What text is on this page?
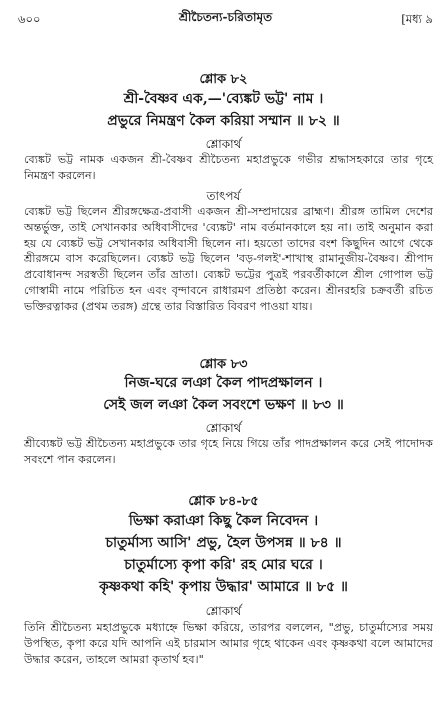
৬০০	শ্রীচৈতন্য-চরিতামৃত	[মধ্য ৯
শ্লোক ৮২
শ্রী-বৈষ্ণব এক,—'ব্যেঙ্কট ভট্ট' নাম ।
প্রভুরে নিমন্ত্রণ কৈল করিয়া সম্মান ॥ ৮২ ॥
শ্লোকার্থ

ব্যেঙ্কট ভট্ট নামক একজন শ্রী-বৈষ্ণব শ্রীচৈতন্য মহাপ্রভুকে গভীর শ্রদ্ধাসহকারে তার গৃহে নিমন্ত্রণ করলেন।

তাৎপর্য

ব্যেঙ্কট ভট্ট ছিলেন শ্রীরঙ্গক্ষেত্র-প্রবাসী একজন শ্রী-সম্প্রদায়ের ব্রাহ্মণ। শ্রীরঙ্গ তামিল দেশের অন্তর্ভুক্ত, তাই সেখানকার অধিবাসীদের 'ব্যেঙ্কট' নাম বর্তমানকালে হয় না। তাই অনুমান করা হয় যে ব্যেঙ্কট ভট্ট সেখানকার অধিবাসী ছিলেন না। হয়তো তাদের বংশ কিছুদিন আগে থেকে শ্রীরঙ্গমে বাস করেছিলেন। ব্যেঙ্কট ভট্ট ছিলেন 'বড়-গলই'-শাখাস্থ রামানুজীয়-বৈষ্ণব। শ্রীপাদ প্রবোধানন্দ সরস্বতী ছিলেন তাঁর ভ্রাতা। ব্যেঙ্কট ভট্টের পুত্রই পরবর্তীকালে শ্রীল গোপাল ভট্ট গোস্বামী নামে পরিচিত হন এবং বৃন্দাবনে রাধারমণ প্রতিষ্ঠা করেন। শ্রীনরহরি চক্রবর্তী রচিত ভক্তিরত্নাকর (প্রথম তরঙ্গ) গ্রন্থে তার বিস্তারিত বিবরণ পাওয়া যায়।

শ্লোক ৮৩
নিজ-ঘরে লঞা কৈল পাদপ্রক্ষালন ।
সেই জল লঞা কৈল সবংশে ভক্ষণ ॥ ৮৩ ॥
শ্লোকার্থ

শ্রীব্যেঙ্কট ভট্ট শ্রীচৈতন্য মহাপ্রভুকে তার গৃহে নিয়ে গিয়ে তাঁর পাদপ্রক্ষালন করে সেই পাদোদক সবংশে পান করলেন।

শ্লোক ৮৪-৮৫
ভিক্ষা করাঞা কিছু কৈল নিবেদন ।
চাতুর্মাস্য আসি' প্রভু, হৈল উপসন্ন ॥ ৮৪ ॥
চাতুর্মাস্যে কৃপা করি' রহ মোর ঘরে ।
কৃষ্ণকথা কহি' কৃপায় উদ্ধার' আমারে ॥ ৮৫ ॥
শ্লোকার্থ

তিনি শ্রীচৈতন্য মহাপ্রভুকে মধ্যাহ্নে ভিক্ষা করিয়ে, তারপর বললেন, "প্রভু, চাতুর্মাস্যের সময় উপস্থিত, কৃপা করে যদি আপনি এই চারমাস আমার গৃহে থাকেন এবং কৃষ্ণকথা বলে আমাদের উদ্ধার করেন, তাহলে আমরা কৃতার্থ হব।"
